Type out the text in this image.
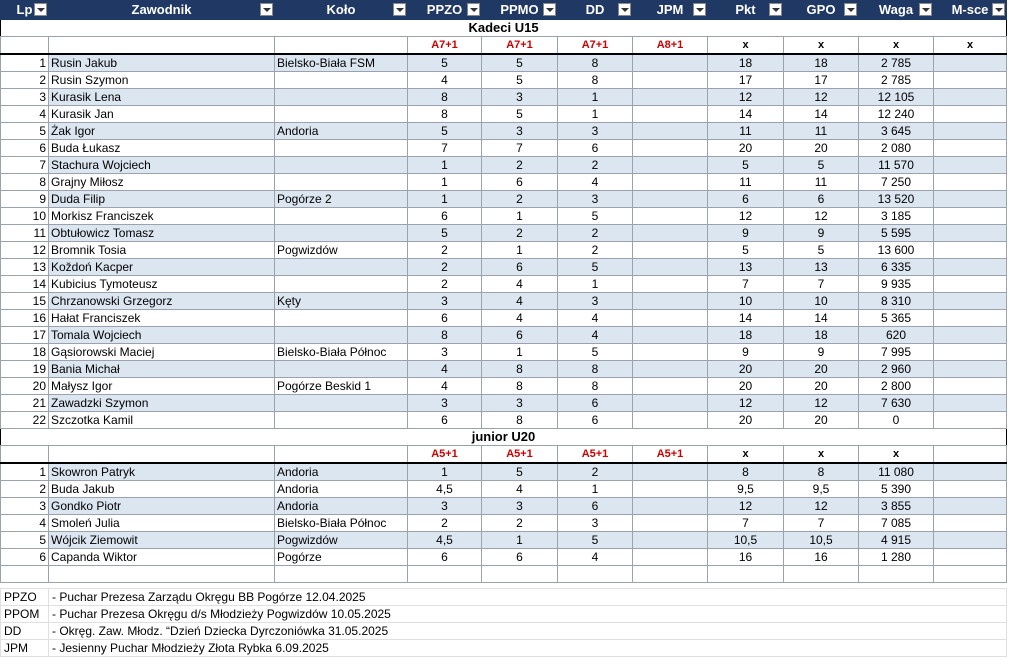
Lp	Zawodnik	Koło	PPZO	PPMO	DD	JPM	Pkt	GPO	Waga	M-sce

Kadeci U15										
			A7+1	A7+1	A7+1	A8+1	x	x	x	x
1	Rusin Jakub	Bielsko-Biała FSM	5	5	8		18	18	2 785	
2	Rusin Szymon		4	5	8		17	17	2 785	
3	Kurasik Lena		8	3	1		12	12	12 105	
4	Kurasik Jan		8	5	1		14	14	12 240	
5	Żak Igor	Andoria	5	3	3		11	11	3 645	
6	Buda Łukasz		7	7	6		20	20	2 080	
7	Stachura Wojciech		1	2	2		5	5	11 570	
8	Grajny Miłosz		1	6	4		11	11	7 250	
9	Duda Filip	Pogórze 2	1	2	3		6	6	13 520	
10	Morkisz Franciszek		6	1	5		12	12	3 185	
11	Obtułowicz Tomasz		5	2	2		9	9	5 595	
12	Bromnik Tosia	Pogwizdów	2	1	2		5	5	13 600	
13	Koždoń Kacper		2	6	5		13	13	6 335	
14	Kubicius Tymoteusz		2	4	1		7	7	9 935	
15	Chrzanowski Grzegorz	Kęty	3	4	3		10	10	8 310	
16	Hałat Franciszek		6	4	4		14	14	5 365	
17	Tomala Wojciech		8	6	4		18	18	620	
18	Gąsiorowski Maciej	Bielsko-Biała Północ	3	1	5		9	9	7 995	
19	Bania Michał		4	8	8		20	20	2 960	
20	Małysz Igor	Pogórze Beskid 1	4	8	8		20	20	2 800	
21	Zawadzki Szymon		3	3	6		12	12	7 630	
22	Szczotka Kamil		6	8	6		20	20	0	
junior U20										
			A5+1	A5+1	A5+1	A5+1	x	x	x	
1	Skowron Patryk	Andoria	1	5	2		8	8	11 080	
2	Buda Jakub	Andoria	4,5	4	1		9,5	9,5	5 390	
3	Gondko Piotr	Andoria	3	3	6		12	12	3 855	
4	Smoleń Julia	Bielsko-Biała Północ	2	2	3		7	7	7 085	
5	Wójcik Ziemowit	Pogwizdów	4,5	1	5		10,5	10,5	4 915	
6	Capanda Wiktor	Pogórze	6	6	4		16	16	1 280	

PPZO	- Puchar Prezesa Zarządu Okręgu BB Pogórze 12.04.2025
PPOM	- Puchar Prezesa Okręgu d/s Młodzieży Pogwizdów 10.05.2025
DD	- Okręg. Zaw. Młodz. “Dzień Dziecka Dyrczoniówka 31.05.2025
JPM	- Jesienny Puchar Młodzieży Złota Rybka 6.09.2025
